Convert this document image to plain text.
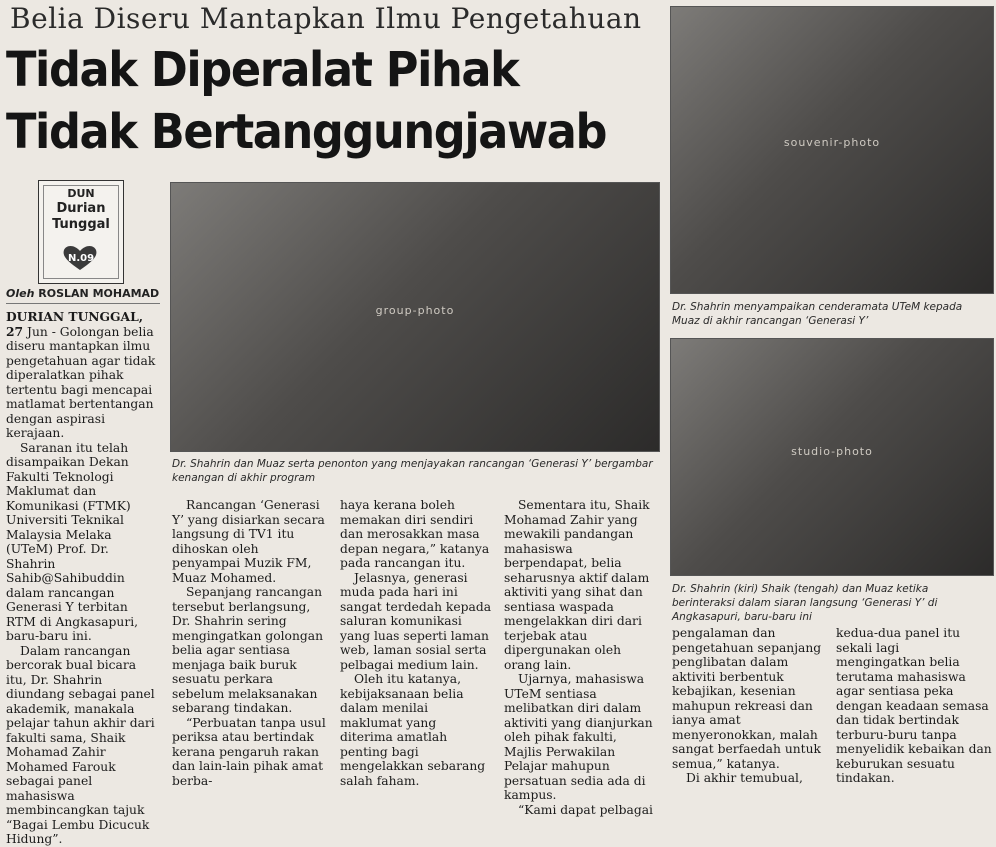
Belia Diseru Mantapkan Ilmu Pengetahuan
Tidak Diperalat Pihak
Tidak Bertanggungjawab
DUN
Durian
Tunggal
N.09
Oleh ROSLAN MOHAMAD

DURIAN TUNGGAL, 27 Jun - Golongan belia diseru mantapkan ilmu pengetahuan agar tidak diperalatkan pihak tertentu bagi mencapai matlamat bertentangan dengan aspirasi kerajaan.

Saranan itu telah disampaikan Dekan Fakulti Teknologi Maklumat dan Komunikasi (FTMK) Universiti Teknikal Malaysia Melaka (UTeM) Prof. Dr. Shahrin Sahib@Sahibuddin dalam rancangan Generasi Y terbitan RTM di Angkasapuri, baru-baru ini.

Dalam rancangan bercorak bual bicara itu, Dr. Shahrin diundang sebagai panel akademik, manakala pelajar tahun akhir dari fakulti sama, Shaik Mohamad Zahir Mohamed Farouk sebagai panel mahasiswa membincangkan tajuk “Bagai Lembu Dicucuk Hidung”.

group-photo
Dr. Shahrin dan Muaz serta penonton yang menjayakan rancangan ‘Generasi Y’ bergambar kenangan di akhir program
souvenir-photo
Dr. Shahrin menyampaikan cenderamata UTeM kepada Muaz di akhir rancangan ‘Generasi Y’
studio-photo
Dr. Shahrin (kiri) Shaik (tengah) dan Muaz ketika berinteraksi dalam siaran langsung ‘Generasi Y’ di Angkasapuri, baru-baru ini

Rancangan ‘Generasi Y’ yang disiarkan secara langsung di TV1 itu dihoskan oleh penyampai Muzik FM, Muaz Mohamed.

Sepanjang rancangan tersebut berlangsung, Dr. Shahrin sering mengingatkan golongan belia agar sentiasa menjaga baik buruk sesuatu perkara sebelum melaksanakan sebarang tindakan.

“Perbuatan tanpa usul periksa atau bertindak kerana pengaruh rakan dan lain-lain pihak amat berba-

haya kerana boleh memakan diri sendiri dan merosakkan masa depan negara,” katanya pada rancangan itu.

Jelasnya, generasi muda pada hari ini sangat terdedah kepada saluran komunikasi yang luas seperti laman web, laman sosial serta pelbagai medium lain.

Oleh itu katanya, kebijaksanaan belia dalam menilai maklumat yang diterima amatlah penting bagi mengelakkan sebarang salah faham.

Sementara itu, Shaik Mohamad Zahir yang mewakili pandangan mahasiswa berpendapat, belia seharusnya aktif dalam aktiviti yang sihat dan sentiasa waspada mengelakkan diri dari terjebak atau dipergunakan oleh orang lain.

Ujarnya, mahasiswa UTeM sentiasa melibatkan diri dalam aktiviti yang dianjurkan oleh pihak fakulti, Majlis Perwakilan Pelajar mahupun persatuan sedia ada di kampus.

“Kami dapat pelbagai

pengalaman dan pengetahuan sepanjang penglibatan dalam aktiviti berbentuk kebajikan, kesenian mahupun rekreasi dan ianya amat menyeronokkan, malah sangat berfaedah untuk semua,” katanya.

Di akhir temubual,

kedua-dua panel itu sekali lagi mengingatkan belia terutama mahasiswa agar sentiasa peka dengan keadaan semasa dan tidak bertindak terburu-buru tanpa menyelidik kebaikan dan keburukan sesuatu tindakan.
